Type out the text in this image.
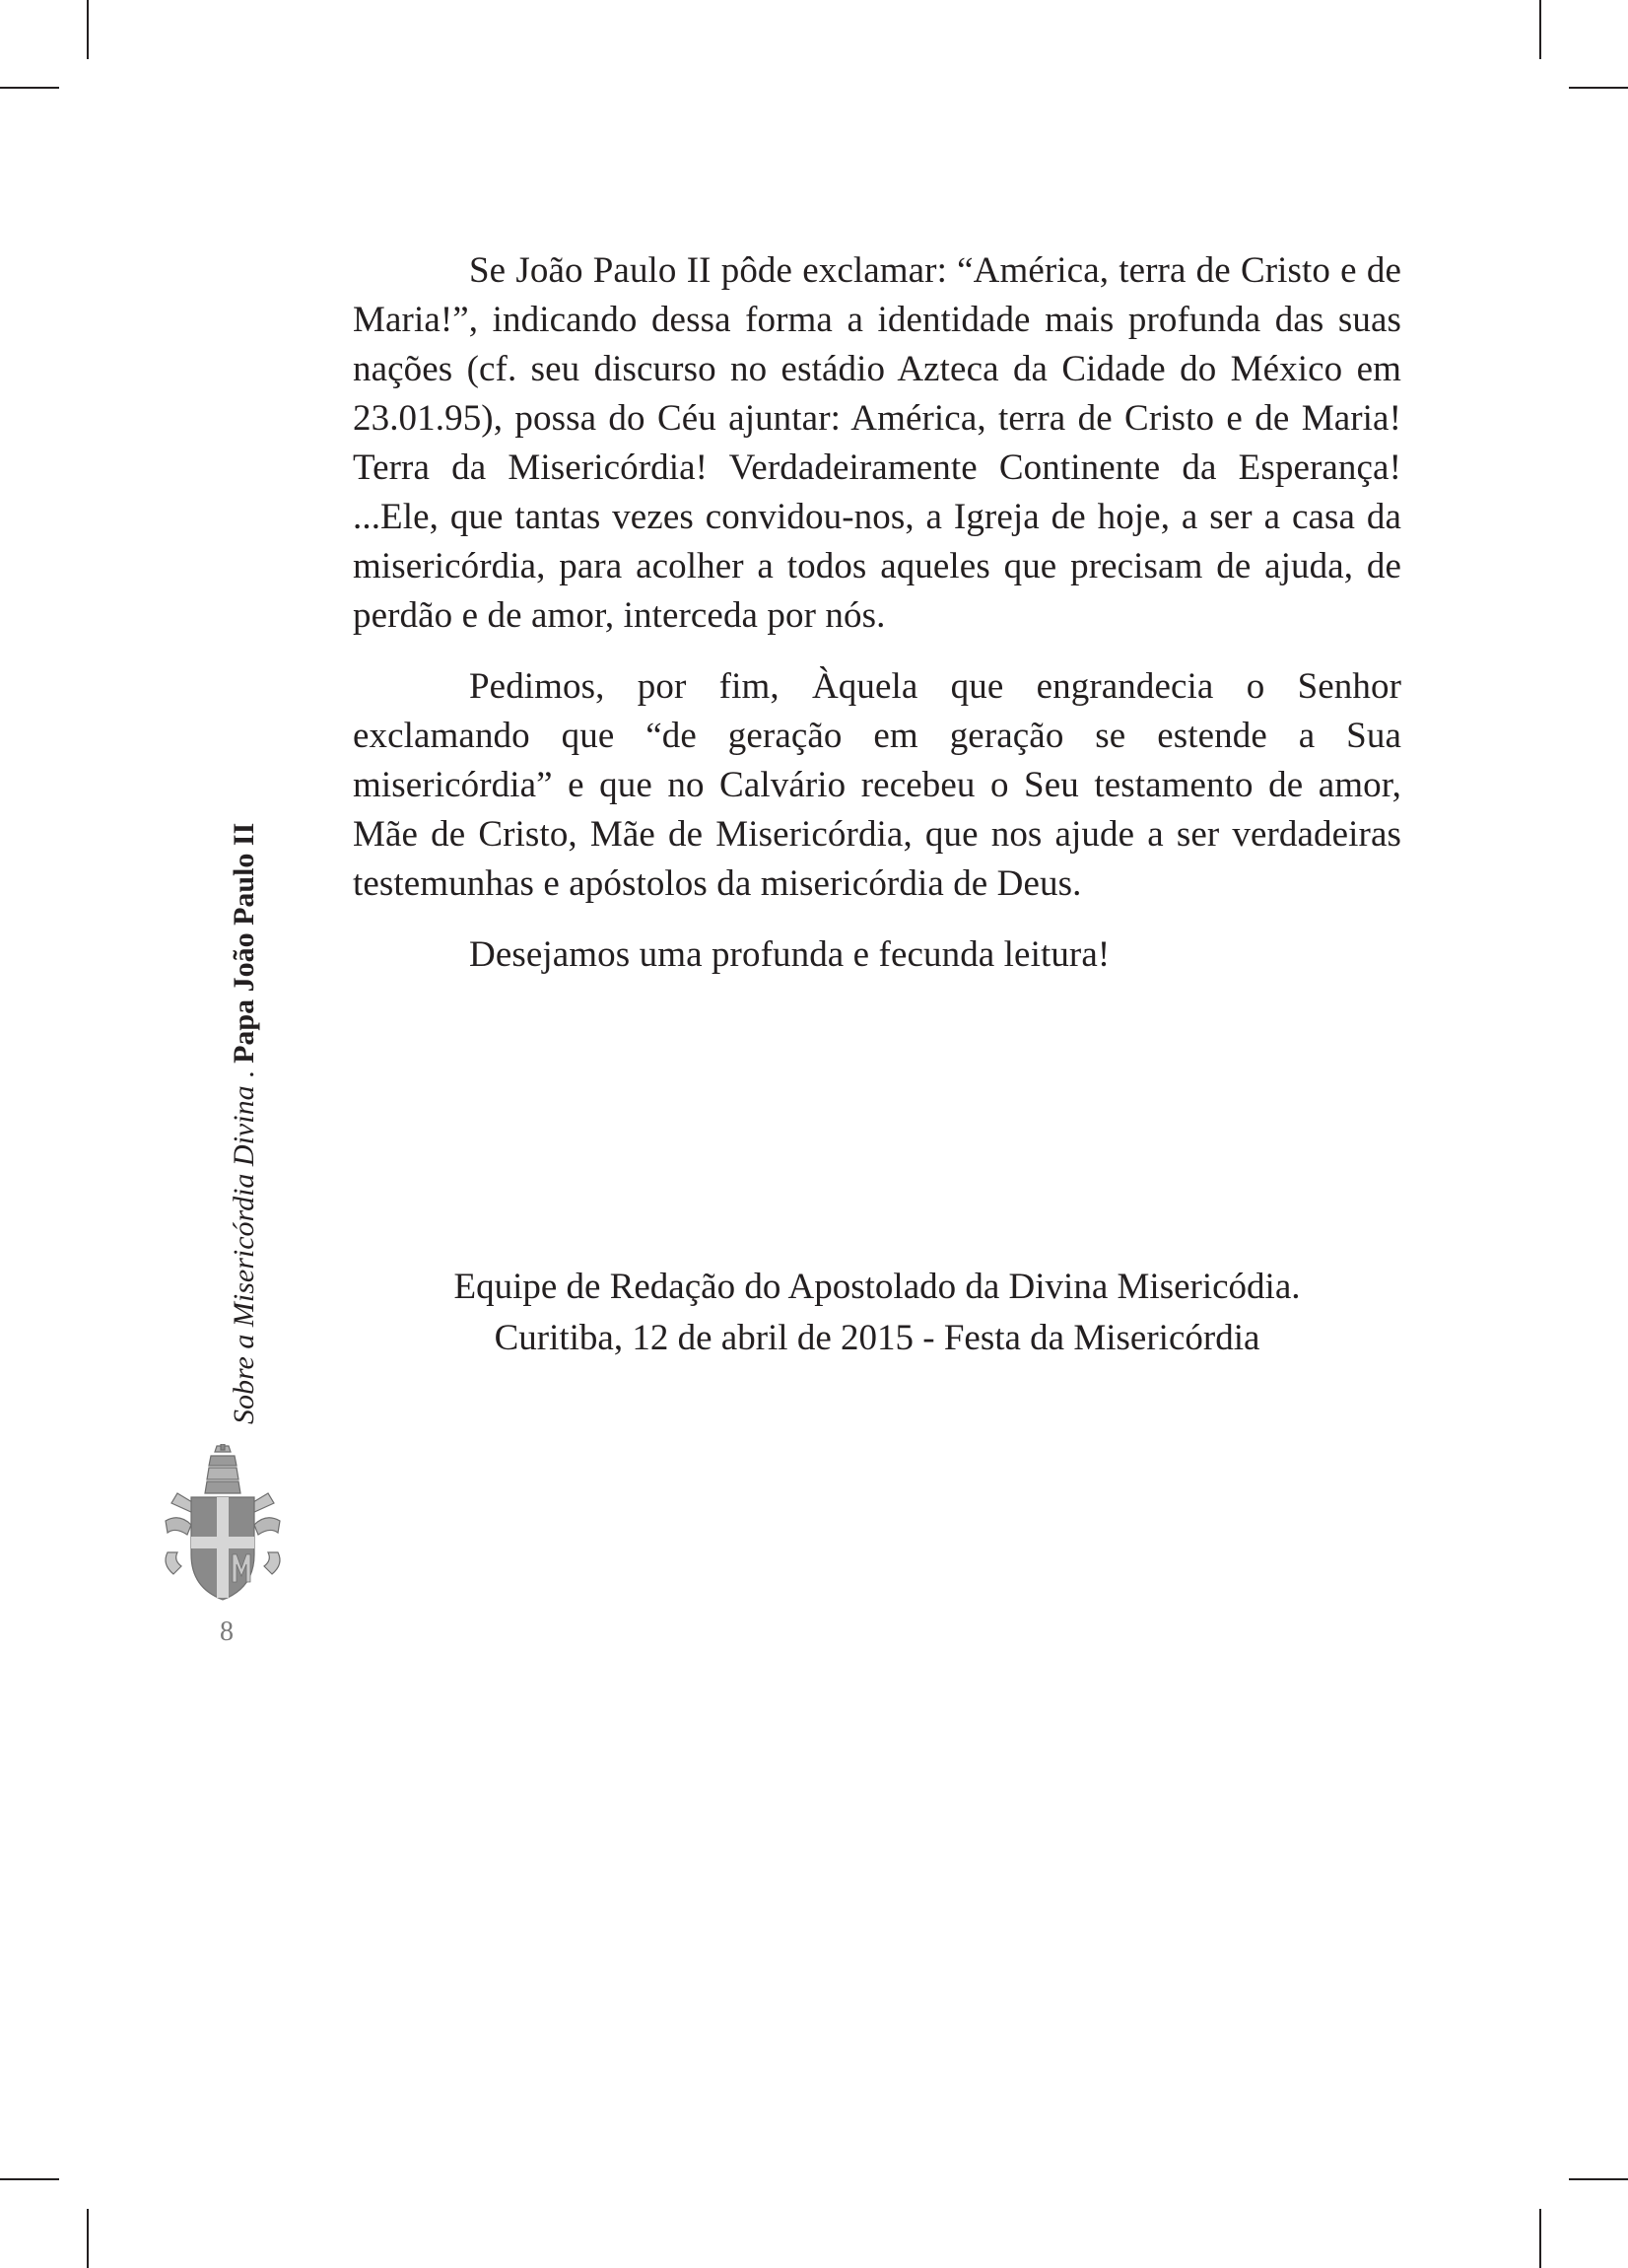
Se João Paulo II pôde exclamar: “América, terra de Cristo e de Maria!”, indicando dessa forma a identidade mais profunda das suas nações (cf. seu discurso no estádio Azteca da Cidade do México em 23.01.95), possa do Céu ajuntar: América, terra de Cristo e de Maria! Terra da Misericórdia! Verdadeiramente Continente da Esperança! ...Ele, que tantas vezes convidou-nos, a Igreja de hoje, a ser a casa da misericórdia, para acolher a todos aqueles que precisam de ajuda, de perdão e de amor, interceda por nós.

Pedimos, por fim, Àquela que engrandecia o Senhor exclamando que “de geração em geração se estende a Sua misericórdia” e que no Calvário recebeu o Seu testamento de amor, Mãe de Cristo, Mãe de Misericórdia, que nos ajude a ser verdadeiras testemunhas e apóstolos da misericórdia de Deus.

Desejamos uma profunda e fecunda leitura!

Equipe de Redação do Apostolado da Divina Misericódia.
Curitiba, 12 de abril de 2015 - Festa da Misericórdia
Sobre a Misericórdia Divina . Papa João Paulo II
8
